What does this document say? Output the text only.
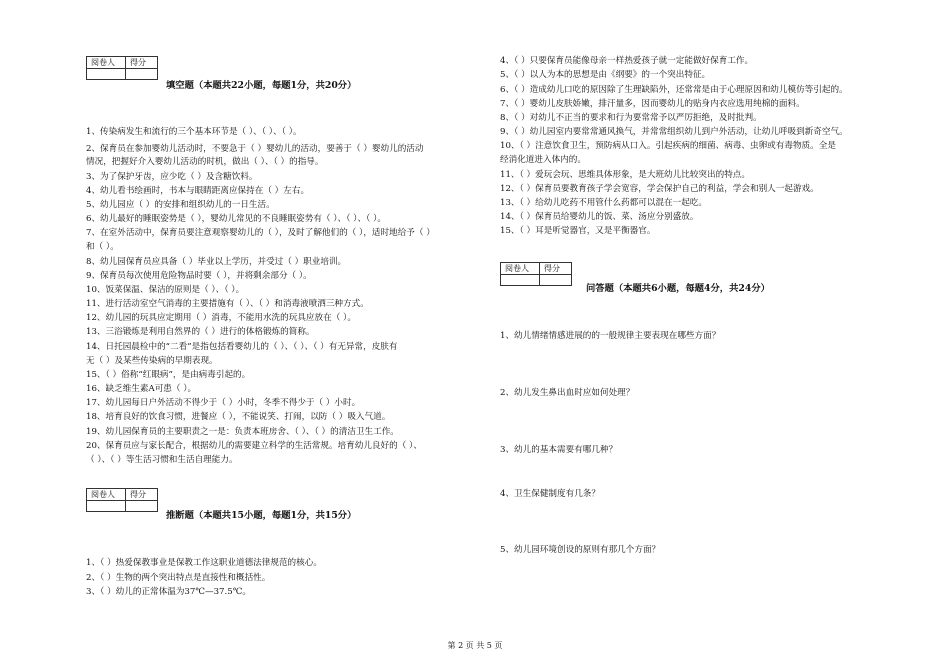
阅卷人	得分

填空题（本题共22小题，每题1分，共20分）
1、传染病发生和流行的三个基本环节是（ ）、（ ）、（ ）。
2、保育员在参加婴幼儿活动时，不要急于（ ）婴幼儿的活动，要善于（ ）婴幼儿的活动
情况，把握好介入婴幼儿活动的时机，做出（ ）、（ ）的指导。
3、为了保护牙齿，应少吃（ ）及含糖饮料。
4、幼儿看书绘画时，书本与眼睛距离应保持在（ ）左右。
5、幼儿园应（ ）的安排和组织幼儿的一日生活。
6、幼儿最好的睡眠姿势是（ ），婴幼儿常见的不良睡眠姿势有（ ）、（ ）、（ ）。
7、在室外活动中，保育员要注意观察婴幼儿的（ ），及时了解他们的（ ），适时地给予（ ）
和（ ）。
8、幼儿园保育员应具备（ ）毕业以上学历，并受过（ ）职业培训。
9、保育员每次使用危险物品时要（ ），并将剩余部分（ ）。
10、饭菜保温、保洁的原则是（ ）、（ ）。
11、进行活动室空气消毒的主要措施有（ ）、（ ）和消毒液喷洒三种方式。
12、幼儿园的玩具应定期用（ ）消毒，不能用水洗的玩具应放在（ ）。
13、三浴锻炼是利用自然界的（ ）进行的体格锻炼的简称。
14、日托园晨检中的“二看”是指包括看婴幼儿的（ ）、（ ）、（ ）有无异常，皮肤有
无（ ）及某些传染病的早期表现。
15、（ ）俗称“红眼病”，是由病毒引起的。
16、缺乏维生素A可患（ ）。
17、幼儿园每日户外活动不得少于（ ）小时，冬季不得少于（ ）小时。
18、培育良好的饮食习惯，进餐应（ ），不能说笑、打闹，以防（ ）吸入气道。
19、幼儿园保育员的主要职责之一是：负责本班房舍、（ ）、（ ）的清洁卫生工作。
20、保育员应与家长配合，根据幼儿的需要建立科学的生活常规。培育幼儿良好的（ ）、
（ ）、（ ）等生活习惯和生活自理能力。
阅卷人	得分

推断题（本题共15小题，每题1分，共15分）
1、（ ）热爱保教事业是保教工作这职业道德法律规范的核心。
2、（ ）生物的两个突出特点是直接性和概括性。
3、（ ）幼儿的正常体温为37℃—37.5℃。
4、（ ）只要保育员能像母亲一样热爱孩子就一定能做好保育工作。
5、（ ）以人为本的思想是由《纲要》的一个突出特征。
6、（ ）造成幼儿口吃的原因除了生理缺陷外，还常常是由于心理原因和幼儿模仿等引起的。
7、（ ）婴幼儿皮肤娇嫩，排汗量多，因而婴幼儿的贴身内衣应选用纯棉的面料。
8、（ ）对幼儿不正当的要求和行为要常常予以严厉拒绝，及时批判。
9、（ ）幼儿园室内要常常通风换气，并常常组织幼儿到户外活动，让幼儿呼吸到新奇空气。
10、（ ）注意饮食卫生，预防病从口入。引起疾病的细菌、病毒、虫卵或有毒物质。全是
经消化道进入体内的。
11、（ ）爱玩会玩、思维具体形象，是大班幼儿比较突出的特点。
12、（ ）保育员要教育孩子学会宽容，学会保护自己的利益，学会和别人一起游戏。
13、（ ）给幼儿吃药不用管什么药都可以混在一起吃。
14、（ ）保育员给婴幼儿的饭、菜、汤应分别盛放。
15、（ ）耳是听觉器官，又是平衡器官。
阅卷人	得分

问答题（本题共6小题，每题4分，共24分）
1、幼儿情绪情感进展的的一般规律主要表现在哪些方面？
2、幼儿发生鼻出血时应如何处理？
3、幼儿的基本需要有哪几种？
4、卫生保健制度有几条？
5、幼儿园环境创设的原则有那几个方面？
第 2 页 共 5 页
